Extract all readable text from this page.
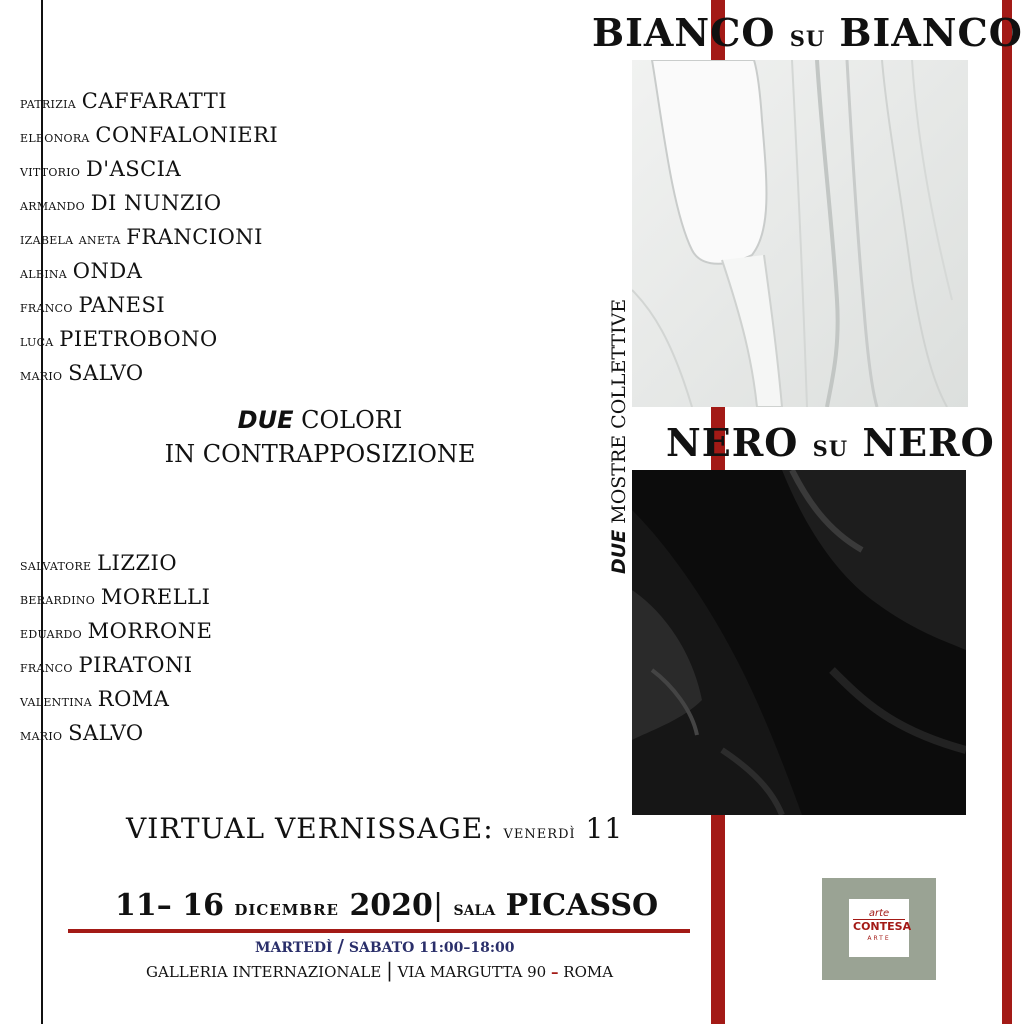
BIANCO su BIANCO
NERO su NERO
DUE MOSTRE COLLETTIVE
patrizia CAFFARATTI
eleonora CONFALONIERI
vittorio D'ASCIA
armando DI NUNZIO
izabela aneta FRANCIONI
albina ONDA
franco PANESI
luca PIETROBONO
mario SALVO
DUE COLORI
IN CONTRAPPOSIZIONE
salvatore LIZZIO
berardino MORELLI
eduardo MORRONE
franco PIRATONI
valentina ROMA
mario SALVO
VIRTUAL VERNISSAGE: venerdì 11
11– 16 dicembre 2020| sala PICASSO
MARTEDÌ / SABATO 11:00–18:00
GALLERIA INTERNAZIONALE | VIA MARGUTTA 90 – ROMA
arte
CONTESA
ARTE
